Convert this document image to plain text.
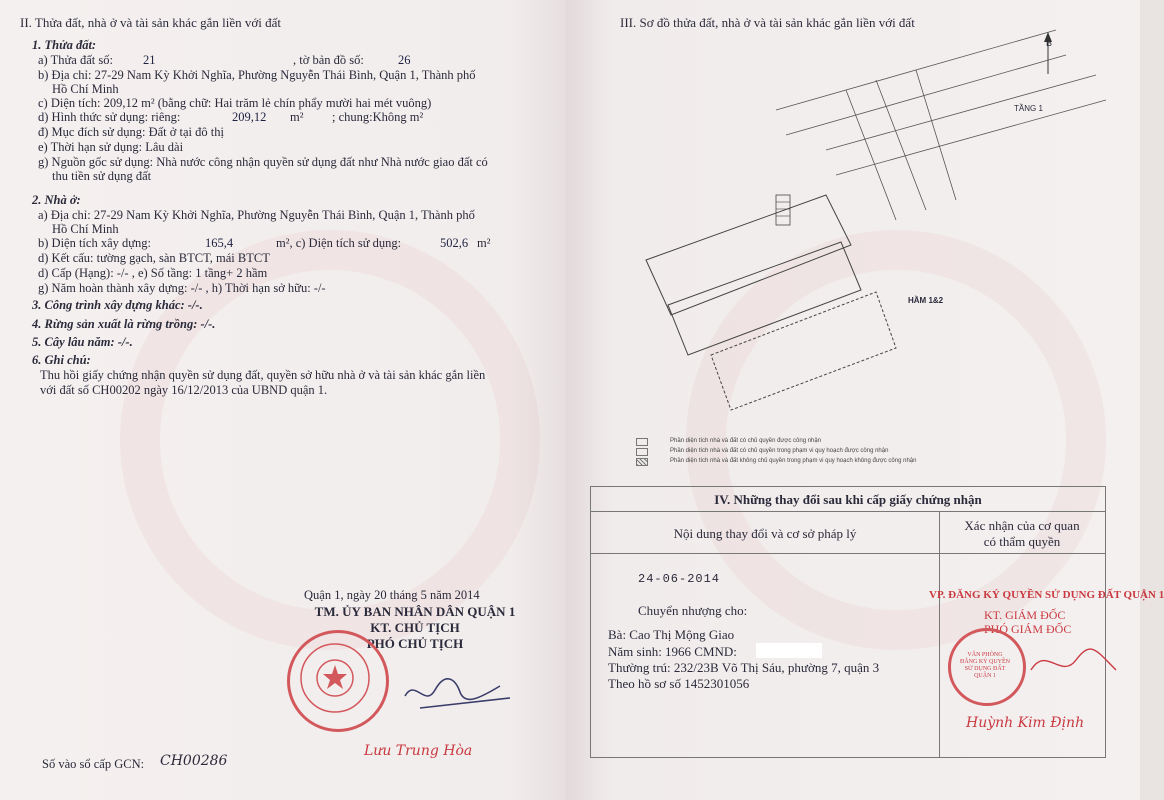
II. Thửa đất, nhà ở và tài sản khác gắn liền với đất
1. Thửa đất:
a) Thửa đất số: 21	, tờ bản đồ số:	26
b) Địa chỉ: 27-29 Nam Kỳ Khởi Nghĩa, Phường Nguyễn Thái Bình, Quận 1, Thành phố
Hồ Chí Minh
c) Diện tích: 209,12 m² (bằng chữ: Hai trăm lẻ chín phẩy mười hai mét vuông)
d) Hình thức sử dụng: riêng:	209,12 m² ; chung:Không m²
đ) Mục đích sử dụng: Đất ở tại đô thị
e) Thời hạn sử dụng: Lâu dài
g) Nguồn gốc sử dụng: Nhà nước công nhận quyền sử dụng đất như Nhà nước giao đất có
thu tiền sử dụng đất
2. Nhà ở:
a) Địa chỉ: 27-29 Nam Kỳ Khởi Nghĩa, Phường Nguyễn Thái Bình, Quận 1, Thành phố
Hồ Chí Minh
b) Diện tích xây dựng:	165,4	m², c) Diện tích sử dụng:	502,6 m²
d) Kết cấu: tường gạch, sàn BTCT, mái BTCT
d) Cấp (Hạng): -/- , e) Số tầng: 1 tầng+ 2 hầm
g) Năm hoàn thành xây dựng: -/- , h) Thời hạn sở hữu: -/-
3. Công trình xây dựng khác: -/-.
4. Rừng sản xuất là rừng trồng: -/-.
5. Cây lâu năm: -/-.
6. Ghi chú:
Thu hồi giấy chứng nhận quyền sử dụng đất, quyền sở hữu nhà ở và tài sản khác gắn liền
với đất số CH00202 ngày 16/12/2013 của UBND quận 1.
Quận 1, ngày 20 tháng 5 năm 2014
TM. ỦY BAN NHÂN DÂN QUẬN 1
KT. CHỦ TỊCH
PHÓ CHỦ TỊCH
Lưu Trung Hòa
Số vào sổ cấp GCN: CH00286
III. Sơ đồ thửa đất, nhà ở và tài sản khác gắn liền với đất
TẦNG 1
B
HẦM 1&2
Phần diện tích nhà và đất có chủ quyền được công nhận
Phần diện tích nhà và đất có chủ quyền trong phạm vi quy hoạch được công nhận
Phần diện tích nhà và đất không chủ quyền trong phạm vi quy hoạch không được công nhận
IV. Những thay đổi sau khi cấp giấy chứng nhận
Nội dung thay đổi và cơ sở pháp lý
Xác nhận của cơ quan
có thẩm quyền
24-06-2014
Chuyển nhượng cho:
Bà: Cao Thị Mộng Giao
Năm sinh: 1966 CMND:
Thường trú: 232/23B Võ Thị Sáu, phường 7, quận 3
Theo hồ sơ số 1452301056
VP. ĐĂNG KÝ QUYỀN SỬ DỤNG ĐẤT QUẬN 1
KT. GIÁM ĐỐC
PHÓ GIÁM ĐỐC
VĂN PHÒNG ĐĂNG KÝ QUYỀN SỬ DỤNG ĐẤT QUẬN 1
Huỳnh Kim Định
